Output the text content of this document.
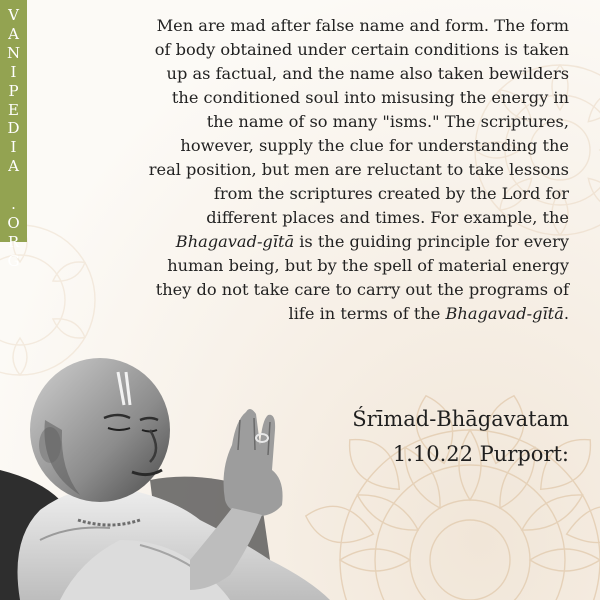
V
A
N
I
P
E
D
I
A

.
O
R
G
Men are mad after false name and form. The form
of body obtained under certain conditions is taken
up as factual, and the name also taken bewilders
the conditioned soul into misusing the energy in
the name of so many "isms." The scriptures,
however, supply the clue for understanding the
real position, but men are reluctant to take lessons
from the scriptures created by the Lord for
different places and times. For example, the
Bhagavad-gītā is the guiding principle for every
human being, but by the spell of material energy
they do not take care to carry out the programs of
life in terms of the Bhagavad-gītā.
Śrīmad-Bhāgavatam
1.10.22 Purport:
